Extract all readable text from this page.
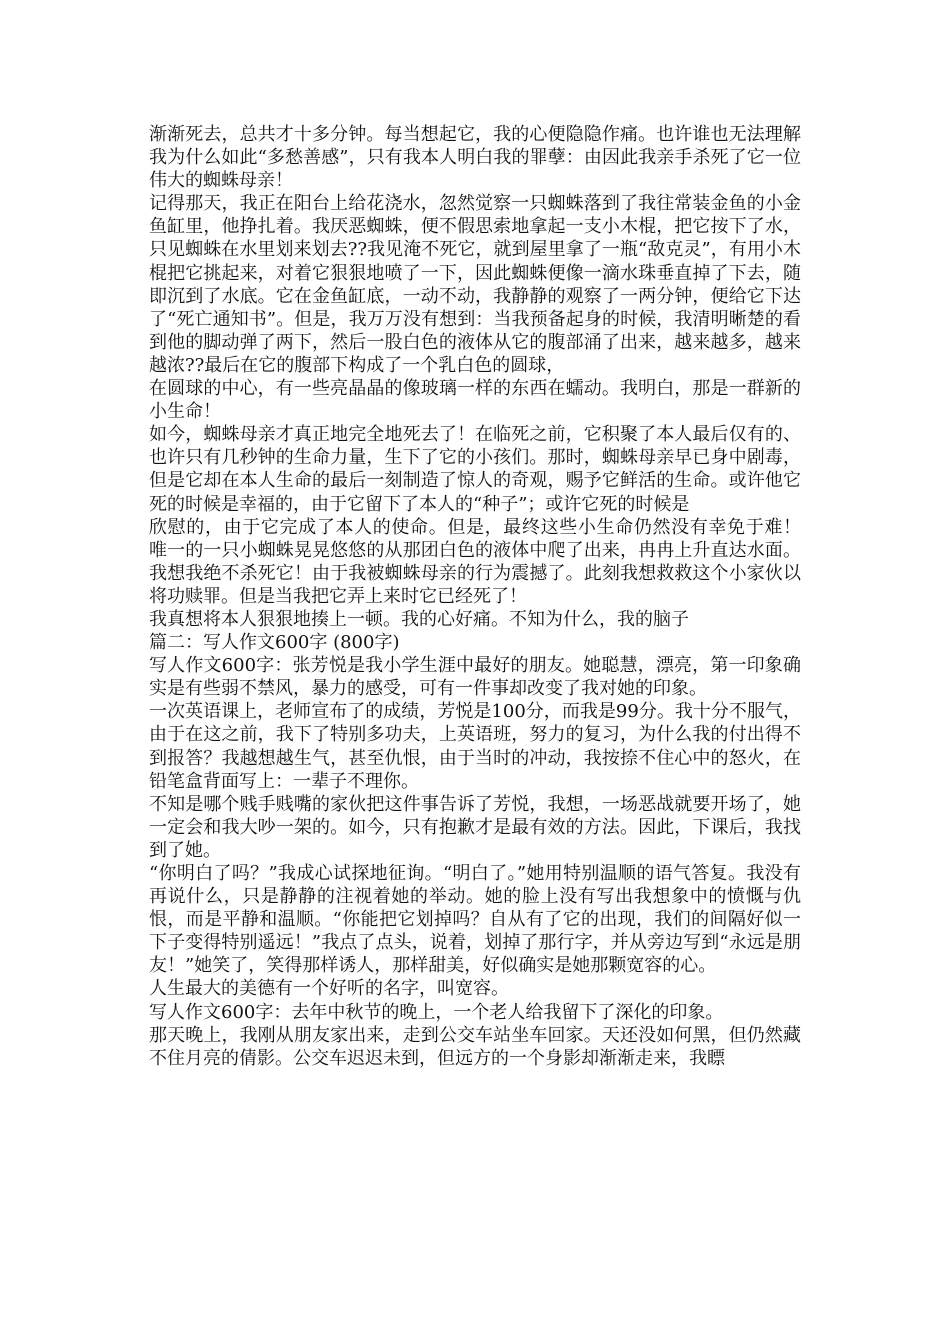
渐渐死去，总共才十多分钟。每当想起它，我的心便隐隐作痛。也许谁也无法理解我为什么如此“多愁善感”，只有我本人明白我的罪孽：由因此我亲手杀死了它一位伟大的蜘蛛母亲！

记得那天，我正在阳台上给花浇水，忽然觉察一只蜘蛛落到了我往常装金鱼的小金鱼缸里，他挣扎着。我厌恶蜘蛛，便不假思索地拿起一支小木棍，把它按下了水，只见蜘蛛在水里划来划去??我见淹不死它，就到屋里拿了一瓶“敌克灵”，有用小木棍把它挑起来，对着它狠狠地喷了一下，因此蜘蛛便像一滴水珠垂直掉了下去，随即沉到了水底。它在金鱼缸底，一动不动，我静静的观察了一两分钟，便给它下达了“死亡通知书”。但是，我万万没有想到：当我预备起身的时候，我清明晰楚的看到他的脚动弹了两下，然后一股白色的液体从它的腹部涌了出来，越来越多，越来越浓??最后在它的腹部下构成了一个乳白色的圆球，

在圆球的中心，有一些亮晶晶的像玻璃一样的东西在蠕动。我明白，那是一群新的小生命！

如今，蜘蛛母亲才真正地完全地死去了！在临死之前，它积聚了本人最后仅有的、也许只有几秒钟的生命力量，生下了它的小孩们。那时，蜘蛛母亲早已身中剧毒，但是它却在本人生命的最后一刻制造了惊人的奇观，赐予它鲜活的生命。或许他它死的时候是幸福的，由于它留下了本人的“种子”；或许它死的时候是

欣慰的，由于它完成了本人的使命。但是，最终这些小生命仍然没有幸免于难！ 唯一的一只小蜘蛛晃晃悠悠的从那团白色的液体中爬了出来，冉冉上升直达水面。我想我绝不杀死它！由于我被蜘蛛母亲的行为震撼了。此刻我想救救这个小家伙以将功赎罪。但是当我把它弄上来时它已经死了！

我真想将本人狠狠地揍上一顿。我的心好痛。不知为什么，我的脑子

篇二：写人作文600字 (800字)

写人作文600字：张芳悦是我小学生涯中最好的朋友。她聪慧，漂亮，第一印象确实是有些弱不禁风，暴力的感受，可有一件事却改变了我对她的印象。

一次英语课上，老师宣布了的成绩，芳悦是100分，而我是99分。我十分不服气，由于在这之前，我下了特别多功夫，上英语班，努力的复习，为什么我的付出得不到报答？我越想越生气，甚至仇恨，由于当时的冲动，我按捺不住心中的怒火，在铅笔盒背面写上：一辈子不理你。

不知是哪个贱手贱嘴的家伙把这件事告诉了芳悦，我想，一场恶战就要开场了，她一定会和我大吵一架的。如今，只有抱歉才是最有效的方法。因此，下课后，我找到了她。

“你明白了吗？”我成心试探地征询。“明白了。”她用特别温顺的语气答复。我没有再说什么，只是静静的注视着她的举动。她的脸上没有写出我想象中的愤慨与仇恨，而是平静和温顺。“你能把它划掉吗？自从有了它的出现，我们的间隔好似一下子变得特别遥远！”我点了点头，说着，划掉了那行字，并从旁边写到“永远是朋友！”她笑了，笑得那样诱人，那样甜美，好似确实是她那颗宽容的心。

人生最大的美德有一个好听的名字，叫宽容。

写人作文600字：去年中秋节的晚上，一个老人给我留下了深化的印象。

那天晚上，我刚从朋友家出来，走到公交车站坐车回家。天还没如何黑，但仍然藏不住月亮的倩影。公交车迟迟未到，但远方的一个身影却渐渐走来，我瞟
